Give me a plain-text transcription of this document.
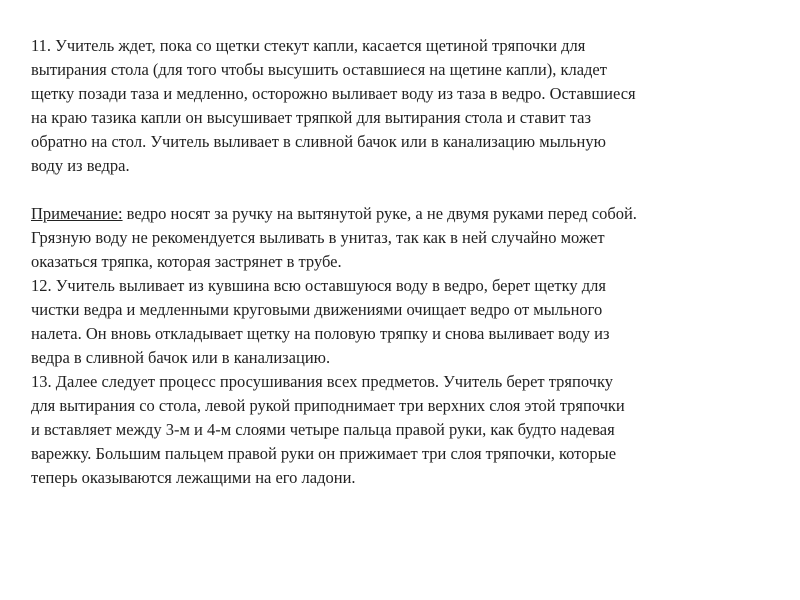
11. Учитель ждет, пока со щетки стекут капли, касается щетиной тряпочки для
вытирания стола (для того чтобы высушить оставшиеся на щетине капли), кладет
щетку позади таза и медленно, осторожно выливает воду из таза в ведро. Оставшиеся
на краю тазика капли он высушивает тряпкой для вытирания стола и ставит таз
обратно на стол. Учитель выливает в сливной бачок или в канализацию мыльную
воду из ведра.
Примечание: ведро носят за ручку на вытянутой руке, а не двумя руками перед собой.
Грязную воду не рекомендуется выливать в унитаз, так как в ней случайно может
оказаться тряпка, которая застрянет в трубе.
12. Учитель выливает из кувшина всю оставшуюся воду в ведро, берет щетку для
чистки ведра и медленными круговыми движениями очищает ведро от мыльного
налета. Он вновь откладывает щетку на половую тряпку и снова выливает воду из
ведра в сливной бачок или в канализацию.
13. Далее следует процесс просушивания всех предметов. Учитель берет тряпочку
для вытирания со стола, левой рукой приподнимает три верхних слоя этой тряпочки
и вставляет между 3-м и 4-м слоями четыре пальца правой руки, как будто надевая
варежку. Большим пальцем правой руки он прижимает три слоя тряпочки, которые
теперь оказываются лежащими на его ладони.
